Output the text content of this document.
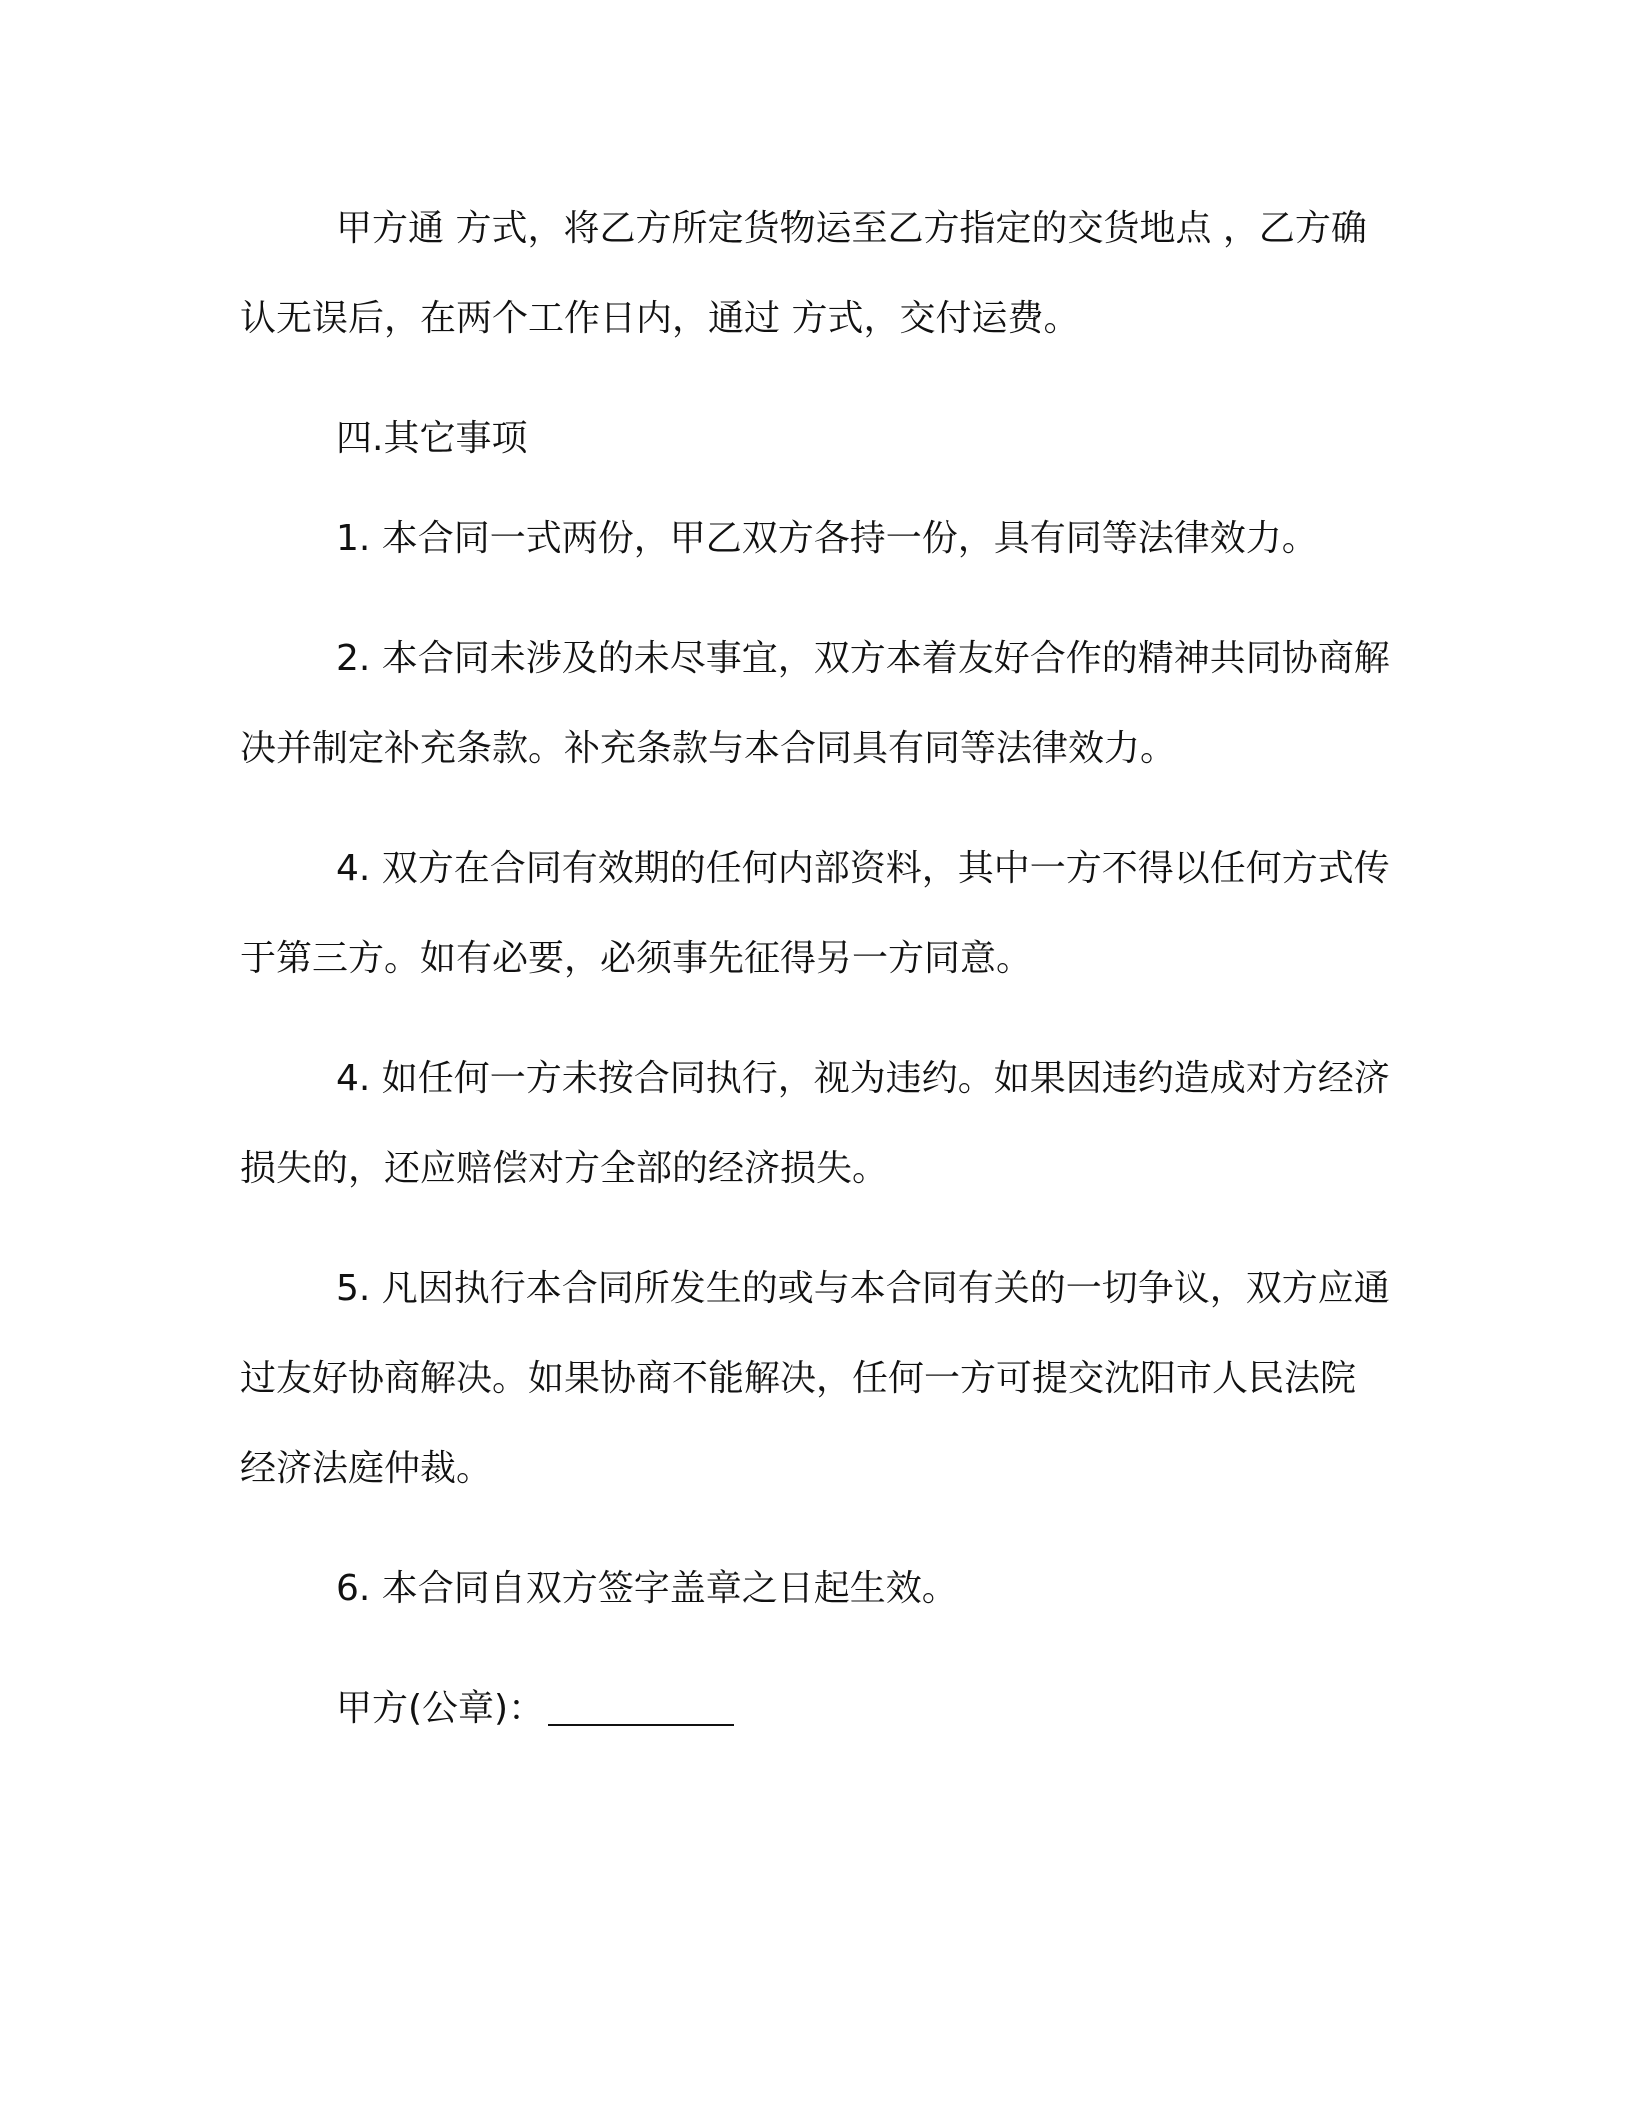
甲方通 方式，将乙方所定货物运至乙方指定的交货地点 ，乙方确认无误后，在两个工作日内，通过 方式，交付运费。

四.其它事项

1. 本合同一式两份，甲乙双方各持一份，具有同等法律效力。

2. 本合同未涉及的未尽事宜，双方本着友好合作的精神共同协商解决并制定补充条款。补充条款与本合同具有同等法律效力。

4. 双方在合同有效期的任何内部资料，其中一方不得以任何方式传于第三方。如有必要，必须事先征得另一方同意。

4. 如任何一方未按合同执行，视为违约。如果因违约造成对方经济损失的，还应赔偿对方全部的经济损失。

5. 凡因执行本合同所发生的或与本合同有关的一切争议，双方应通过友好协商解决。如果协商不能解决，任何一方可提交沈阳市人民法院经济法庭仲裁。

6. 本合同自双方签字盖章之日起生效。

甲方(公章)：
